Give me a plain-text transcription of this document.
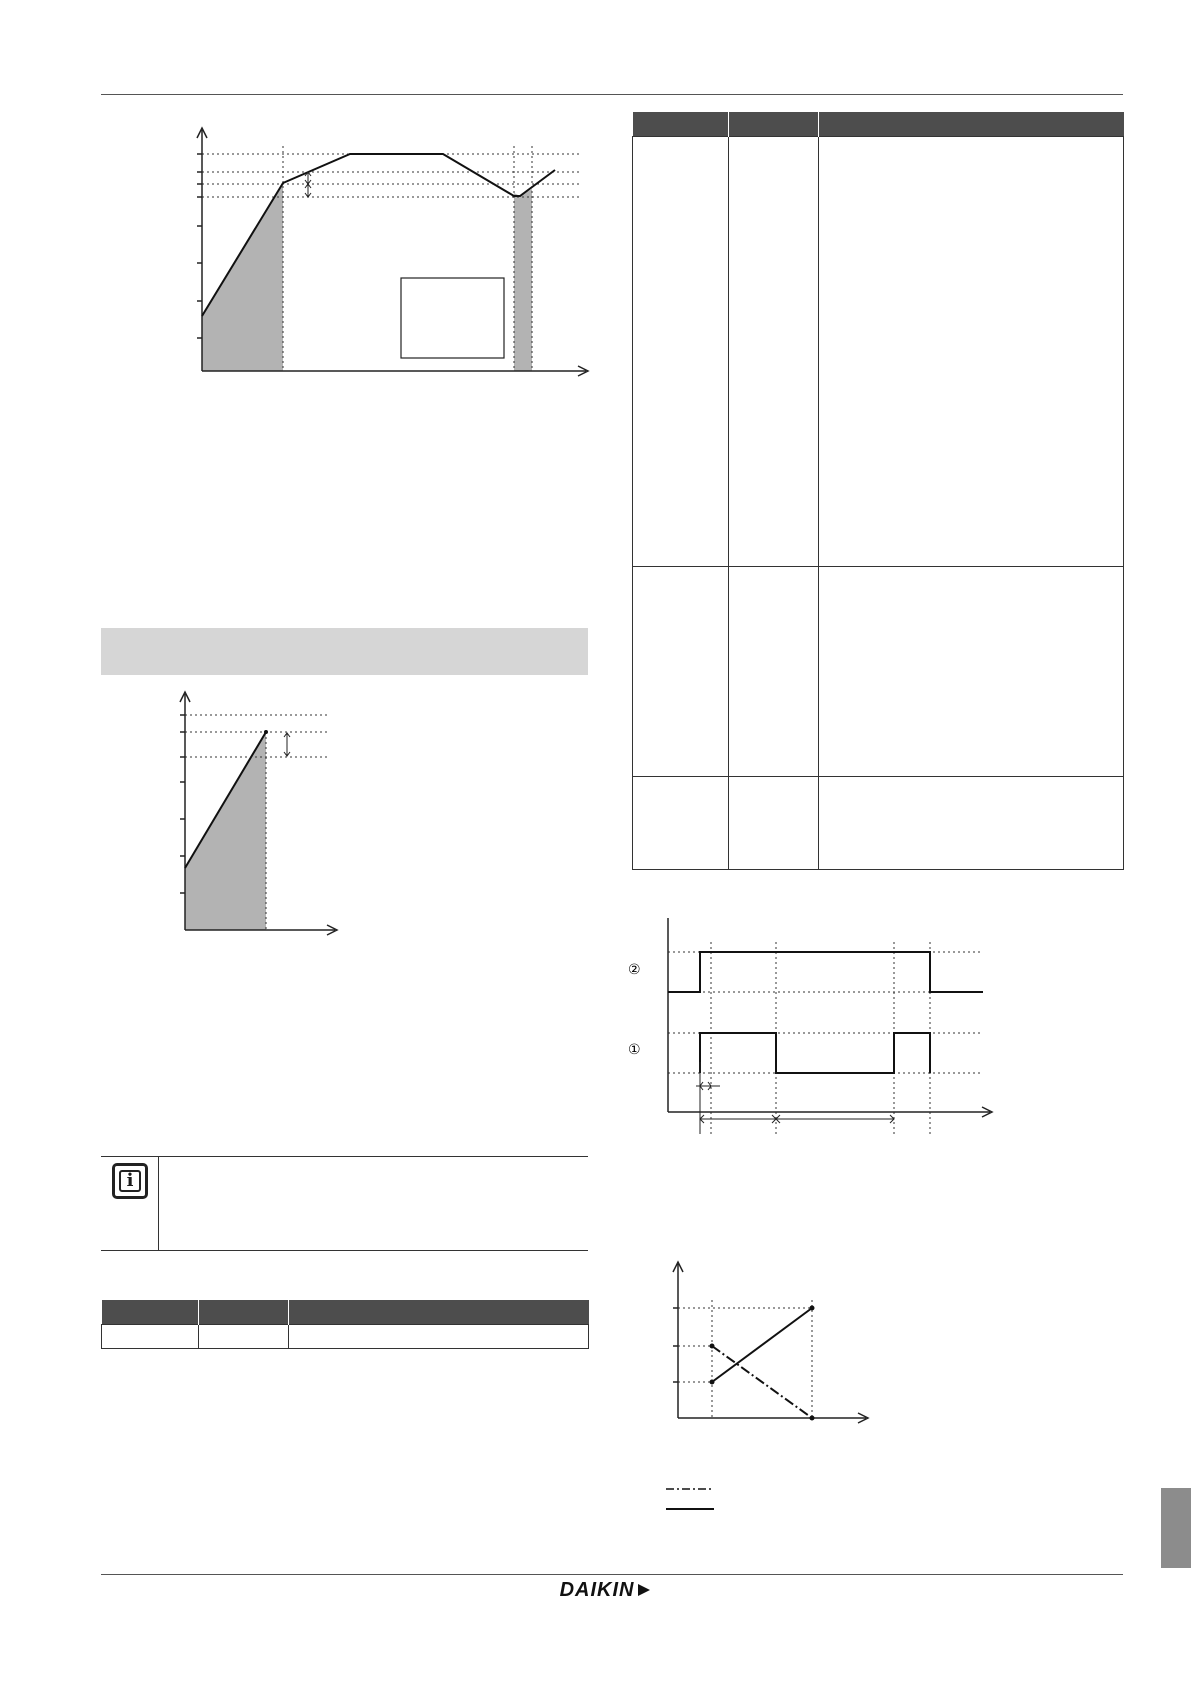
i

②
①
DAIKIN
